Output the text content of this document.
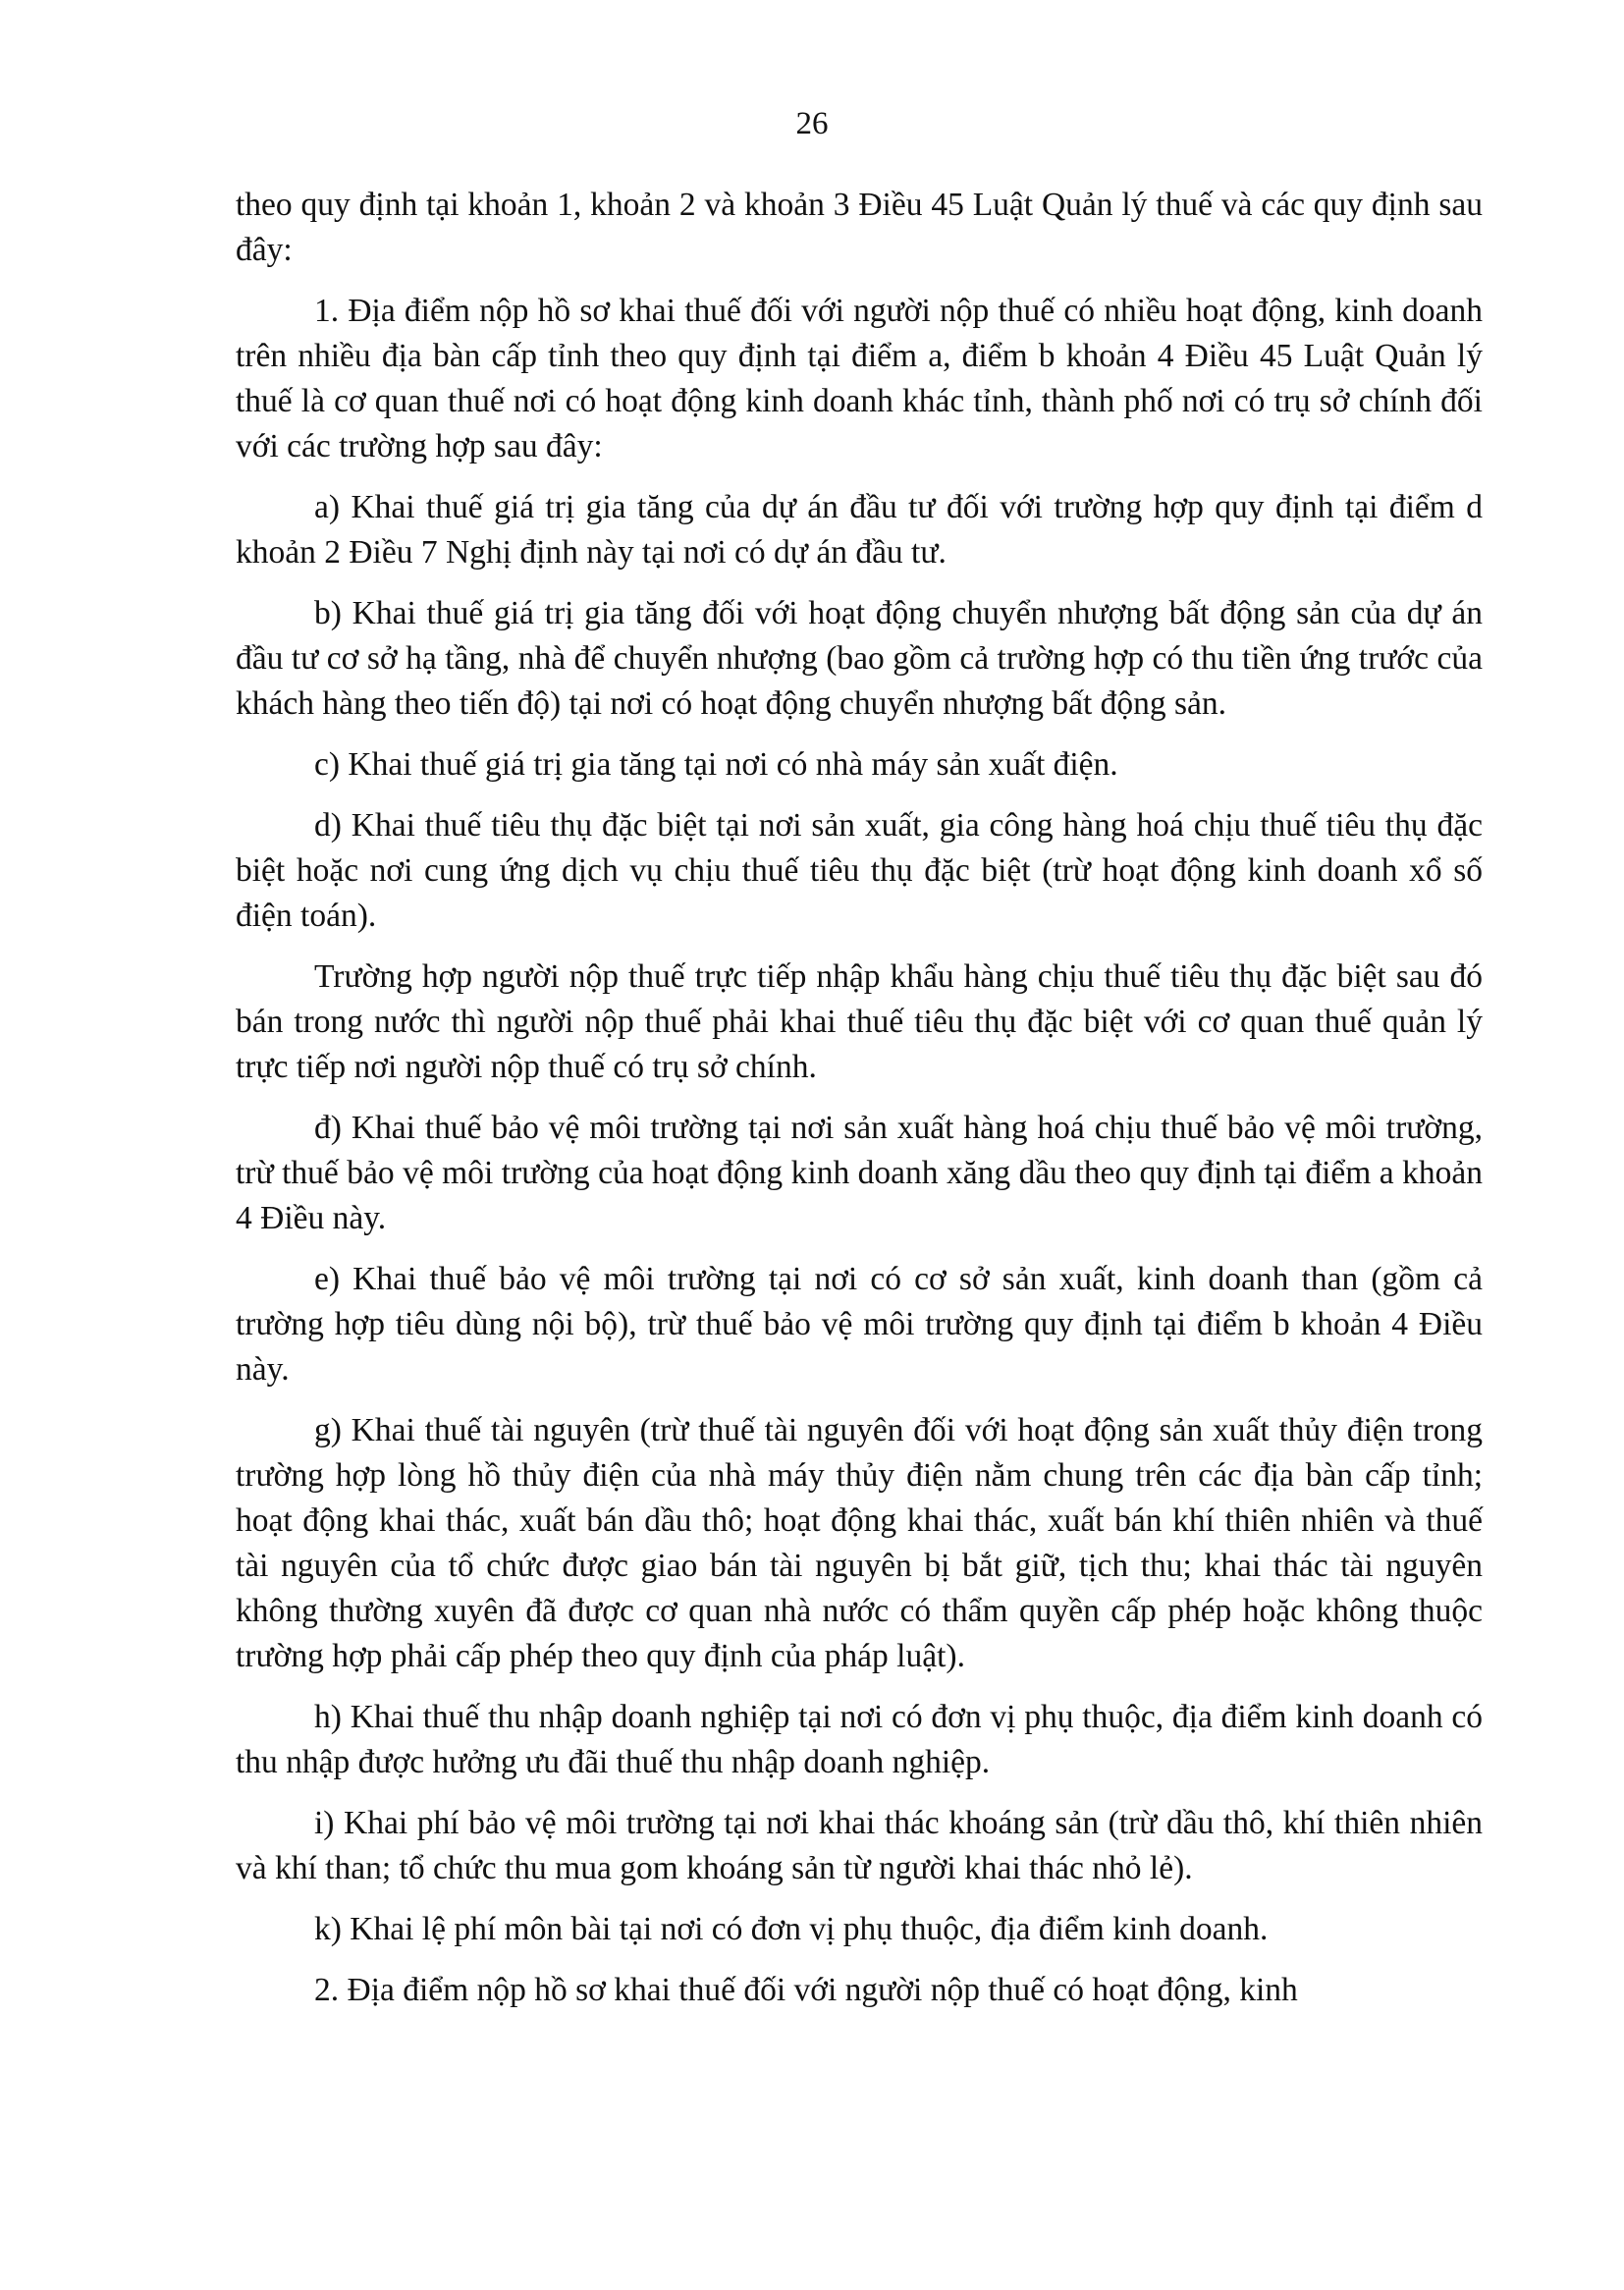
26

theo quy định tại khoản 1, khoản 2 và khoản 3 Điều 45 Luật Quản lý thuế và các quy định sau đây:

1. Địa điểm nộp hồ sơ khai thuế đối với người nộp thuế có nhiều hoạt động, kinh doanh trên nhiều địa bàn cấp tỉnh theo quy định tại điểm a, điểm b khoản 4 Điều 45 Luật Quản lý thuế là cơ quan thuế nơi có hoạt động kinh doanh khác tỉnh, thành phố nơi có trụ sở chính đối với các trường hợp sau đây:

a) Khai thuế giá trị gia tăng của dự án đầu tư đối với trường hợp quy định tại điểm d khoản 2 Điều 7 Nghị định này tại nơi có dự án đầu tư.

b) Khai thuế giá trị gia tăng đối với hoạt động chuyển nhượng bất động sản của dự án đầu tư cơ sở hạ tầng, nhà để chuyển nhượng (bao gồm cả trường hợp có thu tiền ứng trước của khách hàng theo tiến độ) tại nơi có hoạt động chuyển nhượng bất động sản.

c) Khai thuế giá trị gia tăng tại nơi có nhà máy sản xuất điện.

d) Khai thuế tiêu thụ đặc biệt tại nơi sản xuất, gia công hàng hoá chịu thuế tiêu thụ đặc biệt hoặc nơi cung ứng dịch vụ chịu thuế tiêu thụ đặc biệt (trừ hoạt động kinh doanh xổ số điện toán).

Trường hợp người nộp thuế trực tiếp nhập khẩu hàng chịu thuế tiêu thụ đặc biệt sau đó bán trong nước thì người nộp thuế phải khai thuế tiêu thụ đặc biệt với cơ quan thuế quản lý trực tiếp nơi người nộp thuế có trụ sở chính.

đ) Khai thuế bảo vệ môi trường tại nơi sản xuất hàng hoá chịu thuế bảo vệ môi trường, trừ thuế bảo vệ môi trường của hoạt động kinh doanh xăng dầu theo quy định tại điểm a khoản 4 Điều này.

e) Khai thuế bảo vệ môi trường tại nơi có cơ sở sản xuất, kinh doanh than (gồm cả trường hợp tiêu dùng nội bộ), trừ thuế bảo vệ môi trường quy định tại điểm b khoản 4 Điều này.

g) Khai thuế tài nguyên (trừ thuế tài nguyên đối với hoạt động sản xuất thủy điện trong trường hợp lòng hồ thủy điện của nhà máy thủy điện nằm chung trên các địa bàn cấp tỉnh; hoạt động khai thác, xuất bán dầu thô; hoạt động khai thác, xuất bán khí thiên nhiên và thuế tài nguyên của tổ chức được giao bán tài nguyên bị bắt giữ, tịch thu; khai thác tài nguyên không thường xuyên đã được cơ quan nhà nước có thẩm quyền cấp phép hoặc không thuộc trường hợp phải cấp phép theo quy định của pháp luật).

h) Khai thuế thu nhập doanh nghiệp tại nơi có đơn vị phụ thuộc, địa điểm kinh doanh có thu nhập được hưởng ưu đãi thuế thu nhập doanh nghiệp.

i) Khai phí bảo vệ môi trường tại nơi khai thác khoáng sản (trừ dầu thô, khí thiên nhiên và khí than; tổ chức thu mua gom khoáng sản từ người khai thác nhỏ lẻ).

k) Khai lệ phí môn bài tại nơi có đơn vị phụ thuộc, địa điểm kinh doanh.

2. Địa điểm nộp hồ sơ khai thuế đối với người nộp thuế có hoạt động, kinh
